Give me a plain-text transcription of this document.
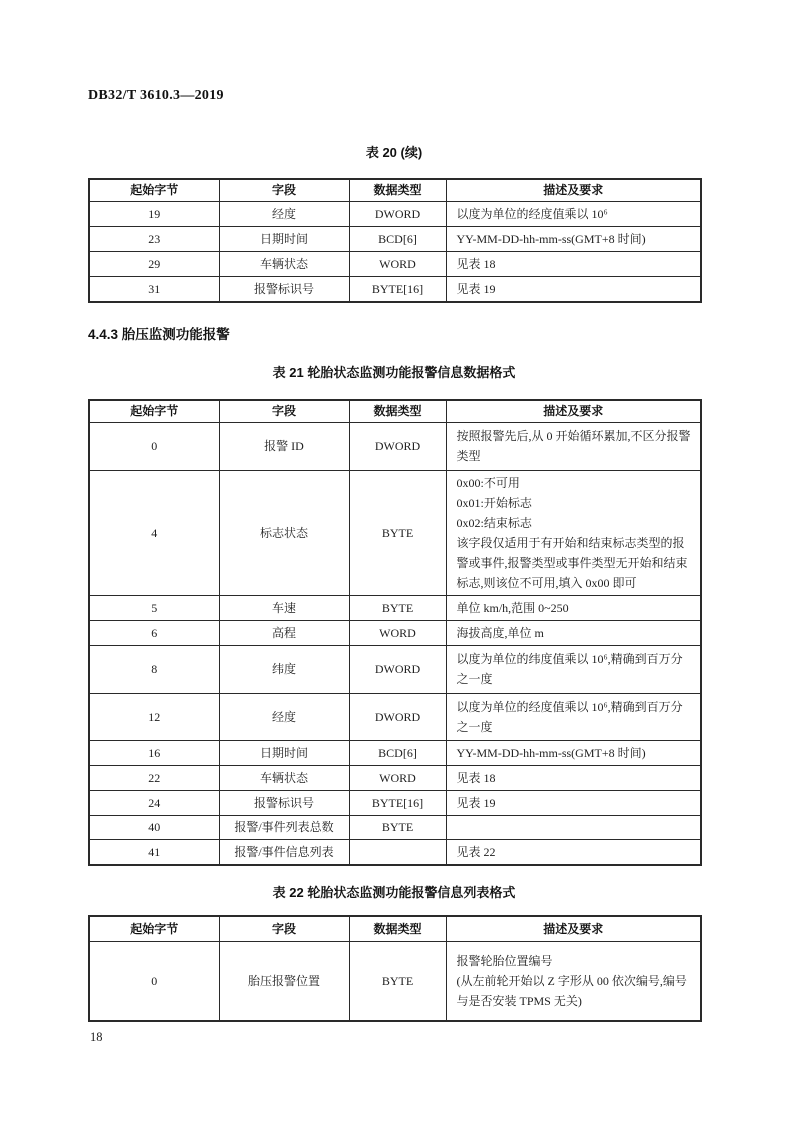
DB32/T 3610.3—2019
表 20 (续)
起始字节	字段	数据类型	描述及要求
19	经度	DWORD	以度为单位的经度值乘以 10⁶
23	日期时间	BCD[6]	YY-MM-DD-hh-mm-ss(GMT+8 时间)
29	车辆状态	WORD	见表 18
31	报警标识号	BYTE[16]	见表 19
4.4.3 胎压监测功能报警
表 21 轮胎状态监测功能报警信息数据格式
起始字节	字段	数据类型	描述及要求
0	报警 ID	DWORD	按照报警先后,从 0 开始循环累加,不区分报警类型
4	标志状态	BYTE	0x00:不可用
0x01:开始标志
0x02:结束标志
该字段仅适用于有开始和结束标志类型的报警或事件,报警类型或事件类型无开始和结束标志,则该位不可用,填入 0x00 即可
5	车速	BYTE	单位 km/h,范围 0~250
6	高程	WORD	海拔高度,单位 m
8	纬度	DWORD	以度为单位的纬度值乘以 10⁶,精确到百万分之一度
12	经度	DWORD	以度为单位的经度值乘以 10⁶,精确到百万分之一度
16	日期时间	BCD[6]	YY-MM-DD-hh-mm-ss(GMT+8 时间)
22	车辆状态	WORD	见表 18
24	报警标识号	BYTE[16]	见表 19
40	报警/事件列表总数	BYTE	
41	报警/事件信息列表		见表 22
表 22 轮胎状态监测功能报警信息列表格式
起始字节	字段	数据类型	描述及要求
0	胎压报警位置	BYTE	报警轮胎位置编号
(从左前轮开始以 Z 字形从 00 依次编号,编号与是否安装 TPMS 无关)
18
